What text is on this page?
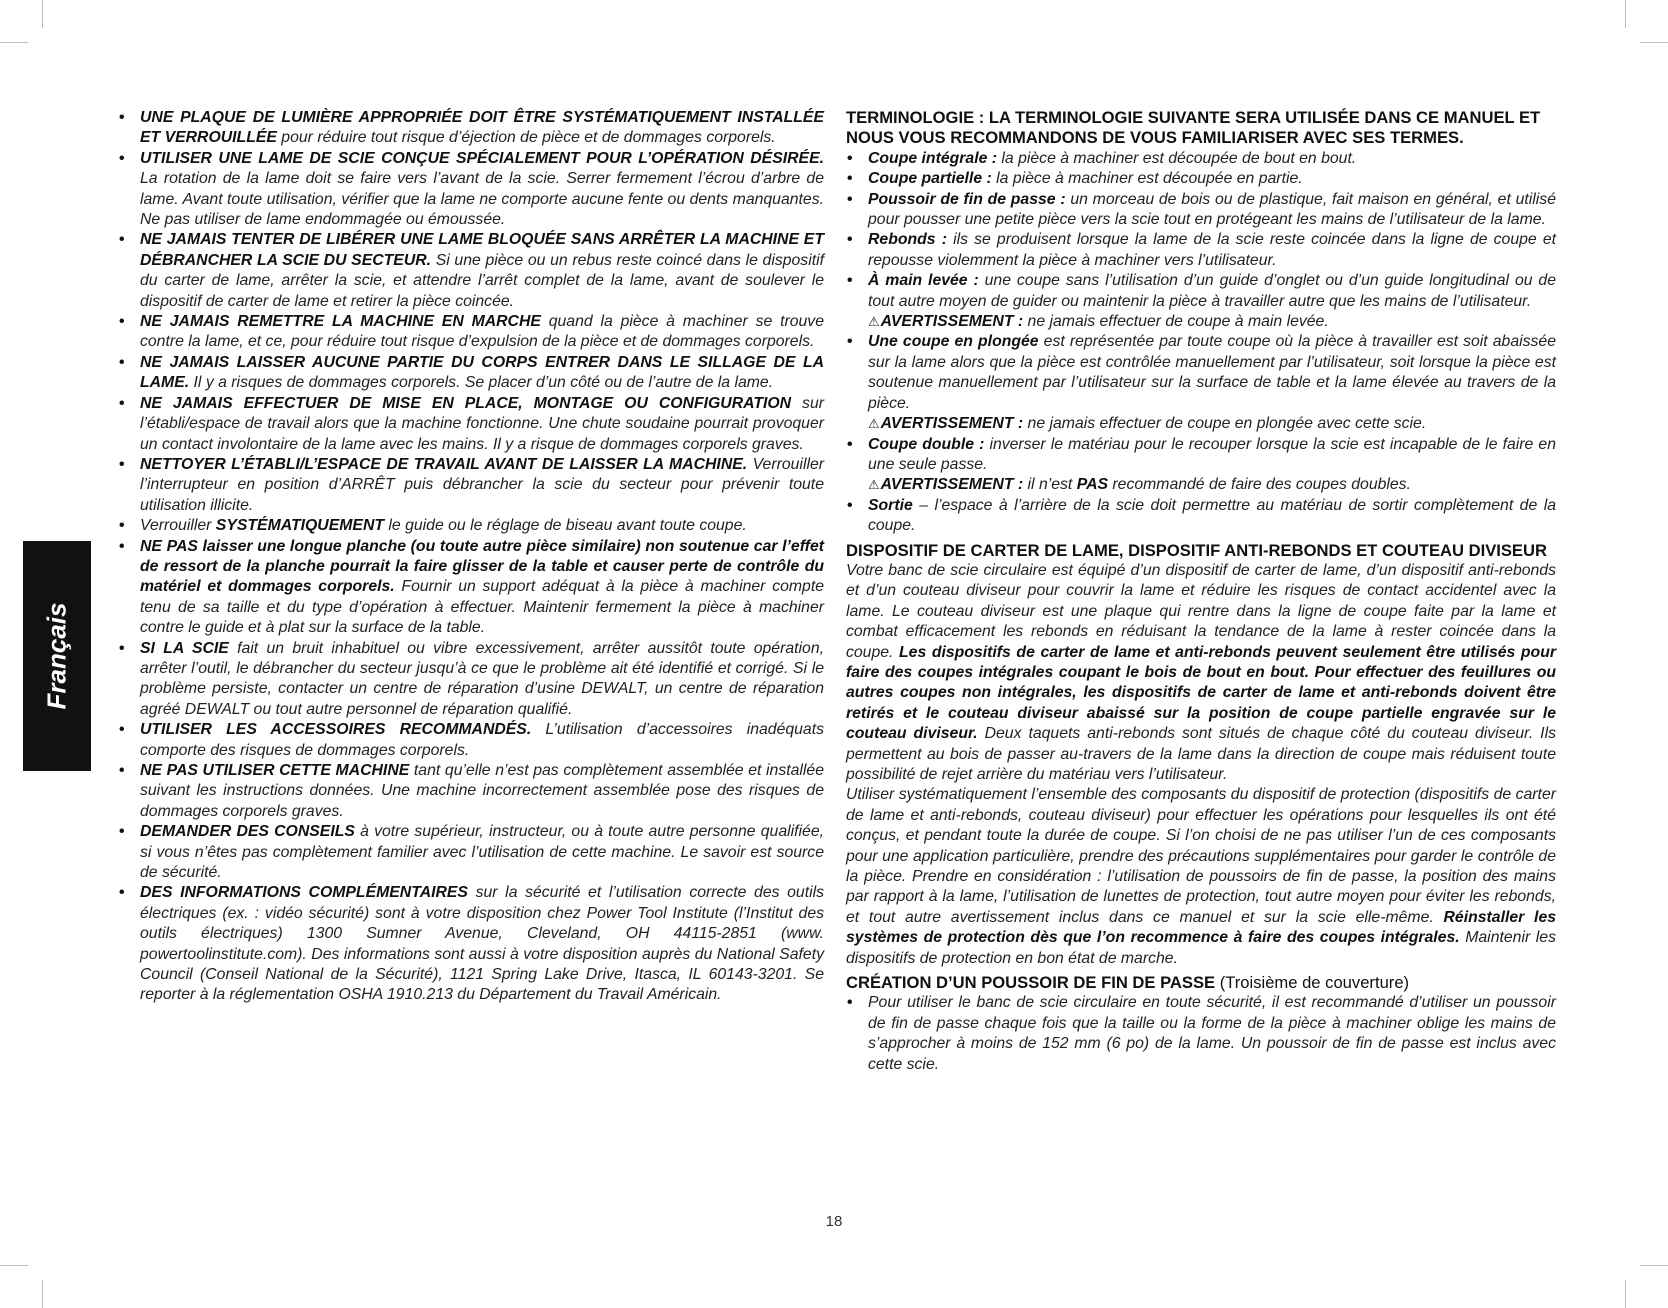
Français
• UNE PLAQUE DE LUMIÈRE APPROPRIÉE DOIT ÊTRE SYSTÉMATIQUEMENT INSTALLÉE ET VERROUILLÉE pour réduire tout risque d’éjection de pièce et de dommages corporels.
• UTILISER UNE LAME DE SCIE CONÇUE SPÉCIALEMENT POUR L’OPÉRATION DÉSIRÉE. La rotation de la lame doit se faire vers l’avant de la scie. Serrer fermement l’écrou d’arbre de lame. Avant toute utilisation, vérifier que la lame ne comporte aucune fente ou dents manquantes. Ne pas utiliser de lame endommagée ou émoussée.
• NE JAMAIS TENTER DE LIBÉRER UNE LAME BLOQUÉE SANS ARRÊTER LA MACHINE ET DÉBRANCHER LA SCIE DU SECTEUR. Si une pièce ou un rebus reste coincé dans le dispositif du carter de lame, arrêter la scie, et attendre l’arrêt complet de la lame, avant de soulever le dispositif de carter de lame et retirer la pièce coincée.
• NE JAMAIS REMETTRE LA MACHINE EN MARCHE quand la pièce à machiner se trouve contre la lame, et ce, pour réduire tout risque d’expulsion de la pièce et de dommages corporels.
• NE JAMAIS LAISSER AUCUNE PARTIE DU CORPS ENTRER DANS LE SILLAGE DE LA LAME. Il y a risques de dommages corporels. Se placer d’un côté ou de l’autre de la lame.
• NE JAMAIS EFFECTUER DE MISE EN PLACE, MONTAGE OU CONFIGURATION sur l’établi/espace de travail alors que la machine fonctionne. Une chute soudaine pourrait provoquer un contact involontaire de la lame avec les mains. Il y a risque de dommages corporels graves.
• NETTOYER L’ÉTABLI/L’ESPACE DE TRAVAIL AVANT DE LAISSER LA MACHINE. Verrouiller l’interrupteur en position d’ARRÊT puis débrancher la scie du secteur pour prévenir toute utilisation illicite.
• Verrouiller SYSTÉMATIQUEMENT le guide ou le réglage de biseau avant toute coupe.
• NE PAS laisser une longue planche (ou toute autre pièce similaire) non soutenue car l’effet de ressort de la planche pourrait la faire glisser de la table et causer perte de contrôle du matériel et dommages corporels. Fournir un support adéquat à la pièce à machiner compte tenu de sa taille et du type d’opération à effectuer. Maintenir fermement la pièce à machiner contre le guide et à plat sur la surface de la table.
• SI LA SCIE fait un bruit inhabituel ou vibre excessivement, arrêter aussitôt toute opération, arrêter l’outil, le débrancher du secteur jusqu’à ce que le problème ait été identifié et corrigé. Si le problème persiste, contacter un centre de réparation d’usine DEWALT, un centre de réparation agréé DEWALT ou tout autre personnel de réparation qualifié.
• UTILISER LES ACCESSOIRES RECOMMANDÉS. L’utilisation d’accessoires inadéquats comporte des risques de dommages corporels.
• NE PAS UTILISER CETTE MACHINE tant qu’elle n’est pas complètement assemblée et installée suivant les instructions données. Une machine incorrectement assemblée pose des risques de dommages corporels graves.
• DEMANDER DES CONSEILS à votre supérieur, instructeur, ou à toute autre personne qualifiée, si vous n’êtes pas complètement familier avec l’utilisation de cette machine. Le savoir est source de sécurité.
• DES INFORMATIONS COMPLÉMENTAIRES sur la sécurité et l’utilisation correcte des outils électriques (ex. : vidéo sécurité) sont à votre disposition chez Power Tool Institute (l’Institut des outils électriques) 1300 Sumner Avenue, Cleveland, OH 44115-2851 (www. powertoolinstitute.com). Des informations sont aussi à votre disposition auprès du National Safety Council (Conseil National de la Sécurité), 1121 Spring Lake Drive, Itasca, IL 60143-3201. Se reporter à la réglementation OSHA 1910.213 du Département du Travail Américain.

TERMINOLOGIE : LA TERMINOLOGIE SUIVANTE SERA UTILISÉE DANS CE MANUEL ET NOUS VOUS RECOMMANDONS DE VOUS FAMILIARISER AVEC SES TERMES.

• Coupe intégrale : la pièce à machiner est découpée de bout en bout.
• Coupe partielle : la pièce à machiner est découpée en partie.
• Poussoir de fin de passe : un morceau de bois ou de plastique, fait maison en général, et utilisé pour pousser une petite pièce vers la scie tout en protégeant les mains de l’utilisateur de la lame.
• Rebonds : ils se produisent lorsque la lame de la scie reste coincée dans la ligne de coupe et repousse violemment la pièce à machiner vers l’utilisateur.
• À main levée : une coupe sans l’utilisation d’un guide d’onglet ou d’un guide longitudinal ou de tout autre moyen de guider ou maintenir la pièce à travailler autre que les mains de l’utilisateur.
⚠AVERTISSEMENT : ne jamais effectuer de coupe à main levée.
• Une coupe en plongée est représentée par toute coupe où la pièce à travailler est soit abaissée sur la lame alors que la pièce est contrôlée manuellement par l’utilisateur, soit lorsque la pièce est soutenue manuellement par l’utilisateur sur la surface de table et la lame élevée au travers de la pièce.
⚠AVERTISSEMENT : ne jamais effectuer de coupe en plongée avec cette scie.
• Coupe double : inverser le matériau pour le recouper lorsque la scie est incapable de le faire en une seule passe.
⚠AVERTISSEMENT : il n’est PAS recommandé de faire des coupes doubles.
• Sortie – l’espace à l’arrière de la scie doit permettre au matériau de sortir complètement de la coupe.

DISPOSITIF DE CARTER DE LAME, DISPOSITIF ANTI-REBONDS ET COUTEAU DIVISEUR

Votre banc de scie circulaire est équipé d’un dispositif de carter de lame, d’un dispositif anti-rebonds et d’un couteau diviseur pour couvrir la lame et réduire les risques de contact accidentel avec la lame. Le couteau diviseur est une plaque qui rentre dans la ligne de coupe faite par la lame et combat efficacement les rebonds en réduisant la tendance de la lame à rester coincée dans la coupe. Les dispositifs de carter de lame et anti-rebonds peuvent seulement être utilisés pour faire des coupes intégrales coupant le bois de bout en bout. Pour effectuer des feuillures ou autres coupes non intégrales, les dispositifs de carter de lame et anti-rebonds doivent être retirés et le couteau diviseur abaissé sur la position de coupe partielle engravée sur le couteau diviseur. Deux taquets anti-rebonds sont situés de chaque côté du couteau diviseur. Ils permettent au bois de passer au-travers de la lame dans la direction de coupe mais réduisent toute possibilité de rejet arrière du matériau vers l’utilisateur.

Utiliser systématiquement l’ensemble des composants du dispositif de protection (dispositifs de carter de lame et anti-rebonds, couteau diviseur) pour effectuer les opérations pour lesquelles ils ont été conçus, et pendant toute la durée de coupe. Si l’on choisi de ne pas utiliser l’un de ces composants pour une application particulière, prendre des précautions supplémentaires pour garder le contrôle de la pièce. Prendre en considération : l’utilisation de poussoirs de fin de passe, la position des mains par rapport à la lame, l’utilisation de lunettes de protection, tout autre moyen pour éviter les rebonds, et tout autre avertissement inclus dans ce manuel et sur la scie elle-même. Réinstaller les systèmes de protection dès que l’on recommence à faire des coupes intégrales. Maintenir les dispositifs de protection en bon état de marche.

CRÉATION D’UN POUSSOIR DE FIN DE PASSE (Troisième de couverture)

• Pour utiliser le banc de scie circulaire en toute sécurité, il est recommandé d’utiliser un poussoir de fin de passe chaque fois que la taille ou la forme de la pièce à machiner oblige les mains de s’approcher à moins de 152 mm (6 po) de la lame. Un poussoir de fin de passe est inclus avec cette scie.
18
